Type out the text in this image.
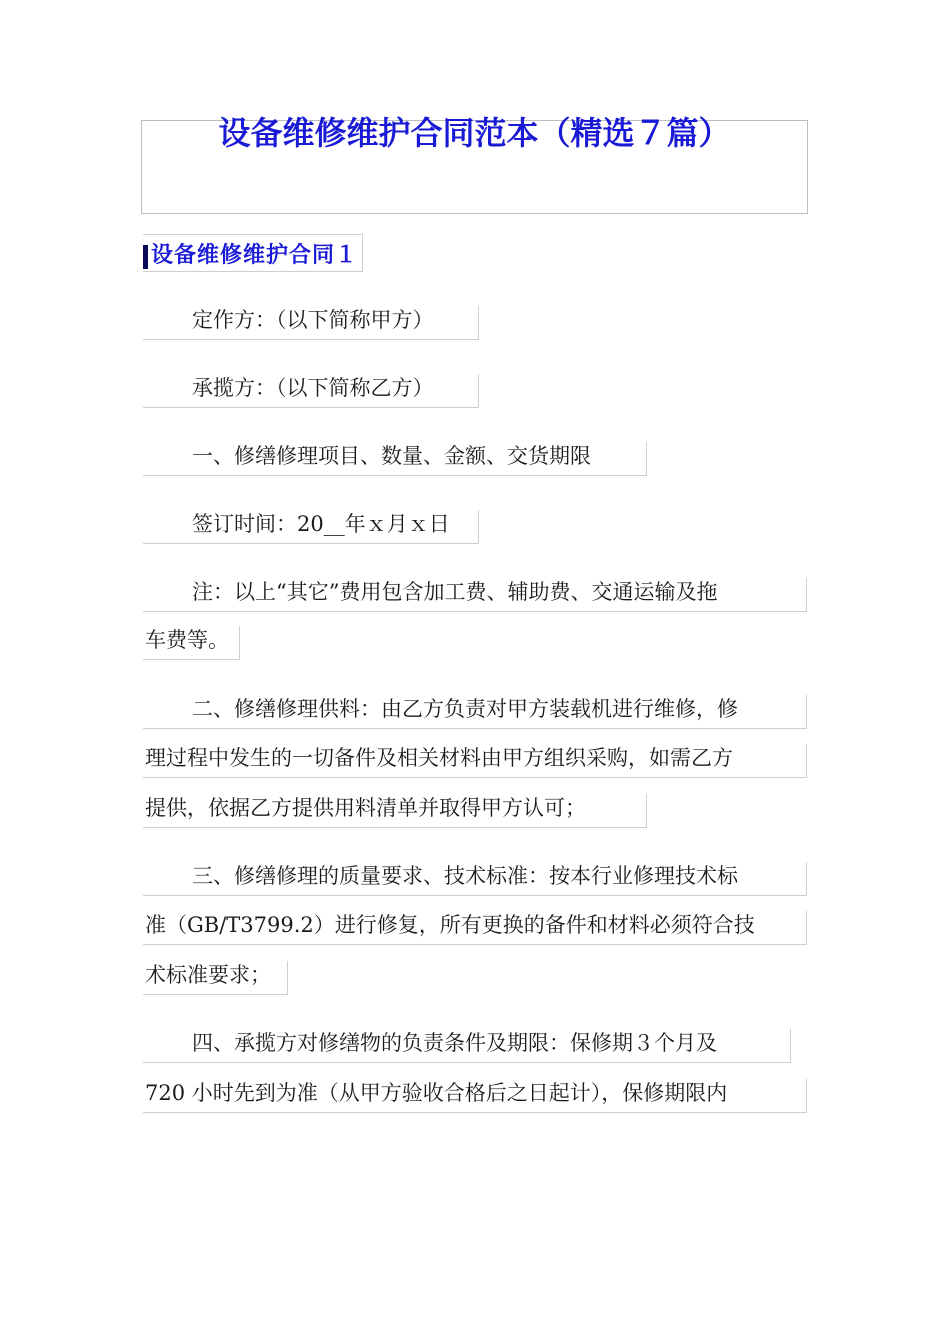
设备维修维护合同范本（精选７篇）
设备维修维护合同１
定作方：（以下简称甲方）
承揽方：（以下简称乙方）
一、修缮修理项目、数量、金额、交货期限
签订时间：20__年ｘ月ｘ日
注：以上“其它”费用包含加工费、辅助费、交通运输及拖
车费等。
二、修缮修理供料：由乙方负责对甲方装载机进行维修，修
理过程中发生的一切备件及相关材料由甲方组织采购，如需乙方
提供，依据乙方提供用料清单并取得甲方认可；
三、修缮修理的质量要求、技术标准：按本行业修理技术标
准（GB/T3799.2）进行修复，所有更换的备件和材料必须符合技
术标准要求；
四、承揽方对修缮物的负责条件及期限：保修期３个月及
720 小时先到为准（从甲方验收合格后之日起计），保修期限内
